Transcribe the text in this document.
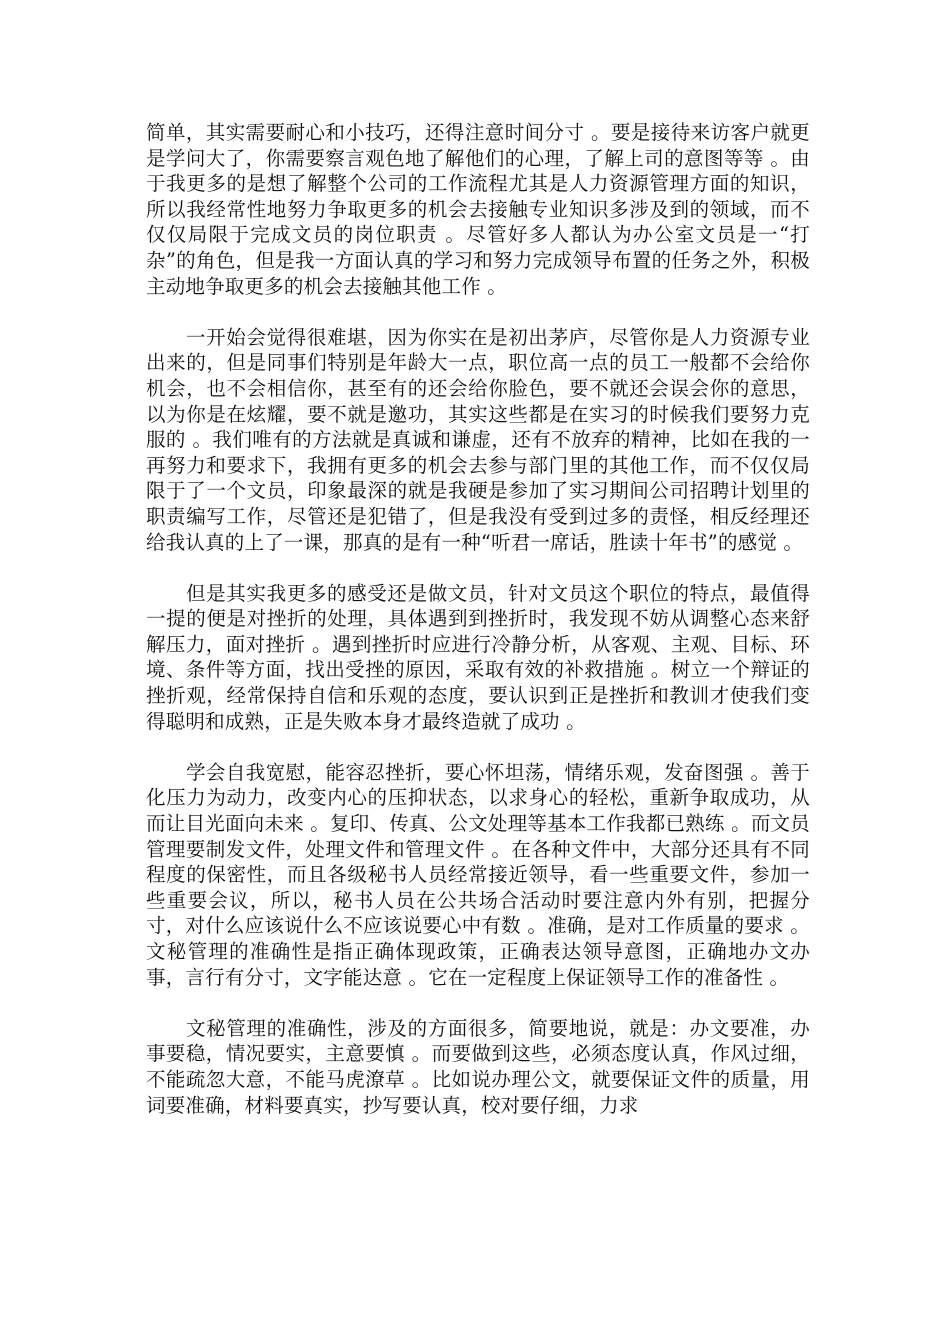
简单，其实需要耐心和小技巧，还得注意时间分寸 。要是接待来访客户就更是学问大了，你需要察言观色地了解他们的心理，了解上司的意图等等 。由于我更多的是想了解整个公司的工作流程尤其是人力资源管理方面的知识，所以我经常性地努力争取更多的机会去接触专业知识多涉及到的领域，而不仅仅局限于完成文员的岗位职责 。尽管好多人都认为办公室文员是一“打杂”的角色，但是我一方面认真的学习和努力完成领导布置的任务之外，积极主动地争取更多的机会去接触其他工作 。

一开始会觉得很难堪，因为你实在是初出茅庐，尽管你是人力资源专业出来的，但是同事们特别是年龄大一点，职位高一点的员工一般都不会给你机会，也不会相信你，甚至有的还会给你脸色，要不就还会误会你的意思，以为你是在炫耀，要不就是邀功，其实这些都是在实习的时候我们要努力克服的 。我们唯有的方法就是真诚和谦虚，还有不放弃的精神，比如在我的一再努力和要求下，我拥有更多的机会去参与部门里的其他工作，而不仅仅局限于了一个文员，印象最深的就是我硬是参加了实习期间公司招聘计划里的职责编写工作，尽管还是犯错了，但是我没有受到过多的责怪，相反经理还给我认真的上了一课，那真的是有一种“听君一席话，胜读十年书”的感觉 。

但是其实我更多的感受还是做文员，针对文员这个职位的特点，最值得一提的便是对挫折的处理，具体遇到到挫折时，我发现不妨从调整心态来舒解压力，面对挫折 。遇到挫折时应进行冷静分析，从客观、主观、目标、环境、条件等方面，找出受挫的原因，采取有效的补救措施 。树立一个辩证的挫折观，经常保持自信和乐观的态度，要认识到正是挫折和教训才使我们变得聪明和成熟，正是失败本身才最终造就了成功 。

学会自我宽慰，能容忍挫折，要心怀坦荡，情绪乐观，发奋图强 。善于化压力为动力，改变内心的压抑状态，以求身心的轻松，重新争取成功，从而让目光面向未来 。复印、传真、公文处理等基本工作我都已熟练 。而文员管理要制发文件，处理文件和管理文件 。在各种文件中，大部分还具有不同程度的保密性，而且各级秘书人员经常接近领导，看一些重要文件，参加一些重要会议，所以，秘书人员在公共场合活动时要注意内外有别，把握分寸，对什么应该说什么不应该说要心中有数 。准确，是对工作质量的要求 。文秘管理的准确性是指正确体现政策，正确表达领导意图，正确地办文办事，言行有分寸，文字能达意 。它在一定程度上保证领导工作的准备性 。

文秘管理的准确性，涉及的方面很多，简要地说，就是：办文要准，办事要稳，情况要实，主意要慎 。而要做到这些，必须态度认真，作风过细，不能疏忽大意，不能马虎潦草 。比如说办理公文，就要保证文件的质量，用词要准确，材料要真实，抄写要认真，校对要仔细，力求
